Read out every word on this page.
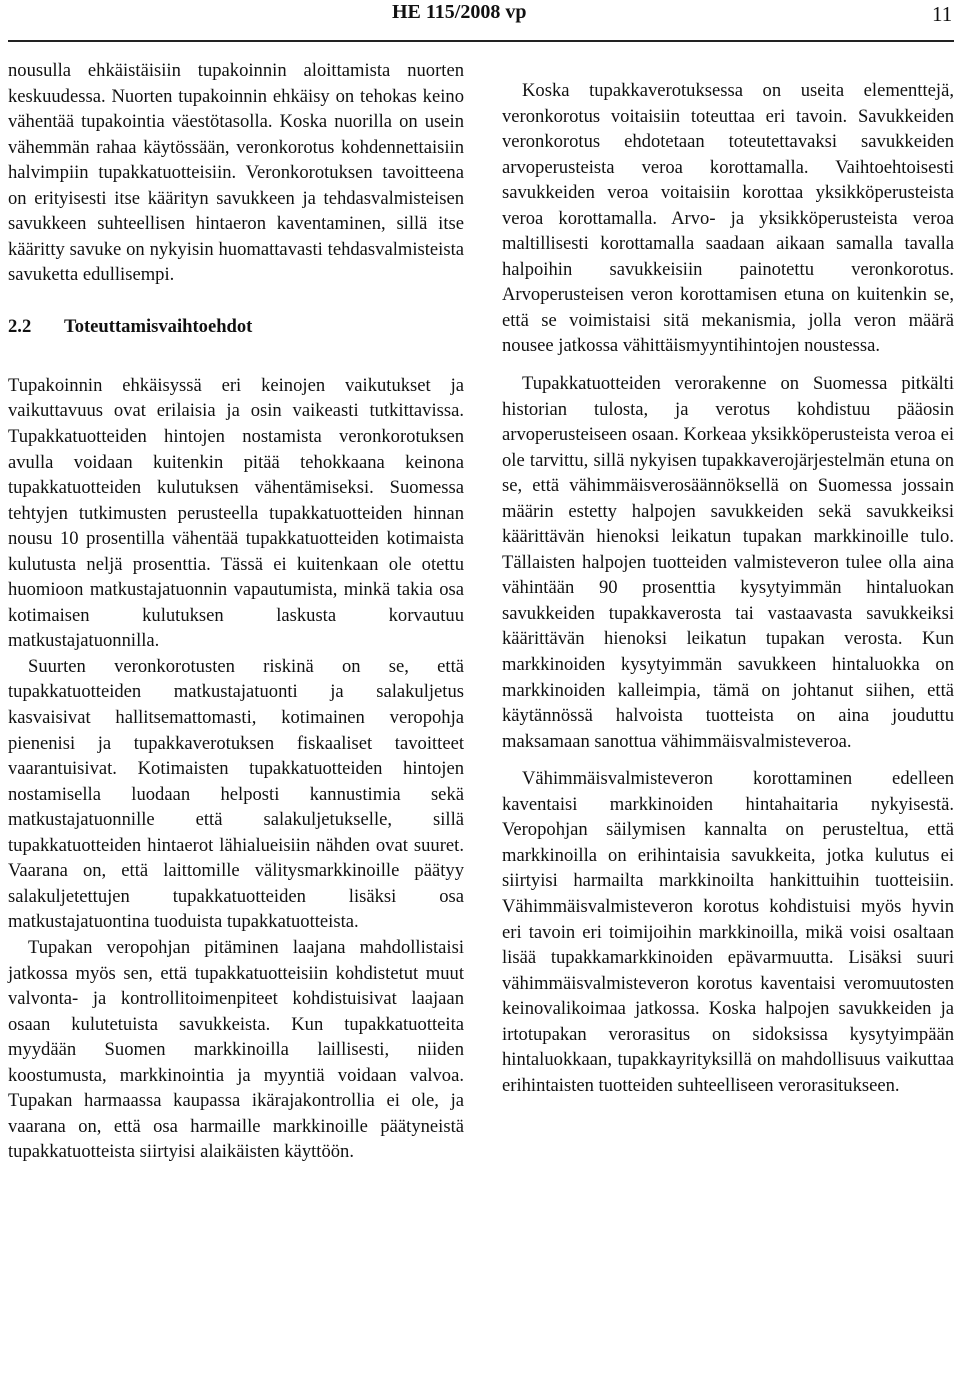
HE 115/2008 vp	11

nousulla ehkäistäisiin tupakoinnin aloittamista nuorten keskuudessa. Nuorten tupakoinnin ehkäisy on tehokas keino vähentää tupakointia väestötasolla. Koska nuorilla on usein vähemmän rahaa käytössään, veronkorotus kohdennettaisiin halvimpiin tupakkatuotteisiin. Veronkorotuksen tavoitteena on erityisesti itse käärityn savukkeen ja tehdasvalmisteisen savukkeen suhteellisen hintaeron kaventaminen, sillä itse kääritty savuke on nykyisin huomattavasti tehdasvalmisteista savuketta edullisempi.

2.2 Toteuttamisvaihtoehdot

Tupakoinnin ehkäisyssä eri keinojen vaikutukset ja vaikuttavuus ovat erilaisia ja osin vaikeasti tutkittavissa. Tupakkatuotteiden hintojen nostamista veronkorotuksen avulla voidaan kuitenkin pitää tehokkaana keinona tupakkatuotteiden kulutuksen vähentämiseksi. Suomessa tehtyjen tutkimusten perusteella tupakkatuotteiden hinnan nousu 10 prosentilla vähentää tupakkatuotteiden kotimaista kulutusta neljä prosenttia. Tässä ei kuitenkaan ole otettu huomioon matkustajatuonnin vapautumista, minkä takia osa kotimaisen kulutuksen laskusta korvautuu matkustajatuonnilla.

Suurten veronkorotusten riskinä on se, että tupakkatuotteiden matkustajatuonti ja salakuljetus kasvaisivat hallitsemattomasti, kotimainen veropohja pienenisi ja tupakkaverotuksen fiskaaliset tavoitteet vaarantuisivat. Kotimaisten tupakkatuotteiden hintojen nostamisella luodaan helposti kannustimia sekä matkustajatuonnille että salakuljetukselle, sillä tupakkatuotteiden hintaerot lähialueisiin nähden ovat suuret. Vaarana on, että laittomille välitysmarkkinoille päätyy salakuljetettujen tupakkatuotteiden lisäksi osa matkustajatuontina tuoduista tupakkatuotteista.

Tupakan veropohjan pitäminen laajana mahdollistaisi jatkossa myös sen, että tupakkatuotteisiin kohdistetut muut valvonta- ja kontrollitoimenpiteet kohdistuisivat laajaan osaan kulutetuista savukkeista. Kun tupakkatuotteita myydään Suomen markkinoilla laillisesti, niiden koostumusta, markkinointia ja myyntiä voidaan valvoa. Tupakan harmaassa kaupassa ikärajakontrollia ei ole, ja vaarana on, että osa harmaille markkinoille päätyneistä tupakkatuotteista siirtyisi alaikäisten käyttöön.

Koska tupakkaverotuksessa on useita elementtejä, veronkorotus voitaisiin toteuttaa eri tavoin. Savukkeiden veronkorotus ehdotetaan toteutettavaksi savukkeiden arvoperusteista veroa korottamalla. Vaihtoehtoisesti savukkeiden veroa voitaisiin korottaa yksikköperusteista veroa korottamalla. Arvo- ja yksikköperusteista veroa maltillisesti korottamalla saadaan aikaan samalla tavalla halpoihin savukkeisiin painotettu veronkorotus. Arvoperusteisen veron korottamisen etuna on kuitenkin se, että se voimistaisi sitä mekanismia, jolla veron määrä nousee jatkossa vähittäismyyntihintojen noustessa.

Tupakkatuotteiden verorakenne on Suomessa pitkälti historian tulosta, ja verotus kohdistuu pääosin arvoperusteiseen osaan. Korkeaa yksikköperusteista veroa ei ole tarvittu, sillä nykyisen tupakkaverojärjestelmän etuna on se, että vähimmäisverosäännöksellä on Suomessa jossain määrin estetty halpojen savukkeiden sekä savukkeiksi käärittävän hienoksi leikatun tupakan markkinoille tulo. Tällaisten halpojen tuotteiden valmisteveron tulee olla aina vähintään 90 prosenttia kysytyimmän hintaluokan savukkeiden tupakkaverosta tai vastaavasta savukkeiksi käärittävän hienoksi leikatun tupakan verosta. Kun markkinoiden kysytyimmän savukkeen hintaluokka on markkinoiden kalleimpia, tämä on johtanut siihen, että käytännössä halvoista tuotteista on aina jouduttu maksamaan sanottua vähimmäisvalmisteveroa.

Vähimmäisvalmisteveron korottaminen edelleen kaventaisi markkinoiden hintahaitaria nykyisestä. Veropohjan säilymisen kannalta on perusteltua, että markkinoilla on erihintaisia savukkeita, jotka kulutus ei siirtyisi harmailta markkinoilta hankittuihin tuotteisiin. Vähimmäisvalmisteveron korotus kohdistuisi myös hyvin eri tavoin eri toimijoihin markkinoilla, mikä voisi osaltaan lisää tupakkamarkkinoiden epävarmuutta. Lisäksi suuri vähimmäisvalmisteveron korotus kaventaisi veromuutosten keinovalikoimaa jatkossa. Koska halpojen savukkeiden ja irtotupakan verorasitus on sidoksissa kysytyimpään hintaluokkaan, tupakkayrityksillä on mahdollisuus vaikuttaa erihintaisten tuotteiden suhteelliseen verorasitukseen.
